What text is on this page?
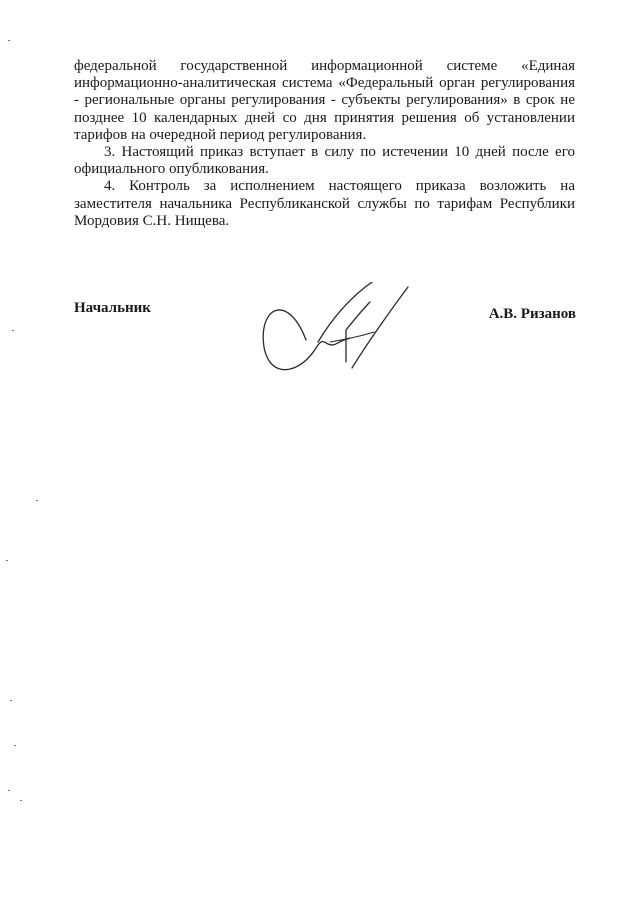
федеральной государственной информационной системе «Единая информационно-аналитическая система «Федеральный орган регулирования - региональные органы регулирования - субъекты регулирования» в срок не позднее 10 календарных дней со дня принятия решения об установлении тарифов на очередной период регулирования.

3. Настоящий приказ вступает в силу по истечении 10 дней после его официального опубликования.

4. Контроль за исполнением настоящего приказа возложить на заместителя начальника Республиканской службы по тарифам Республики Мордовия С.Н. Нищева.

Начальник	А.В. Ризанов
